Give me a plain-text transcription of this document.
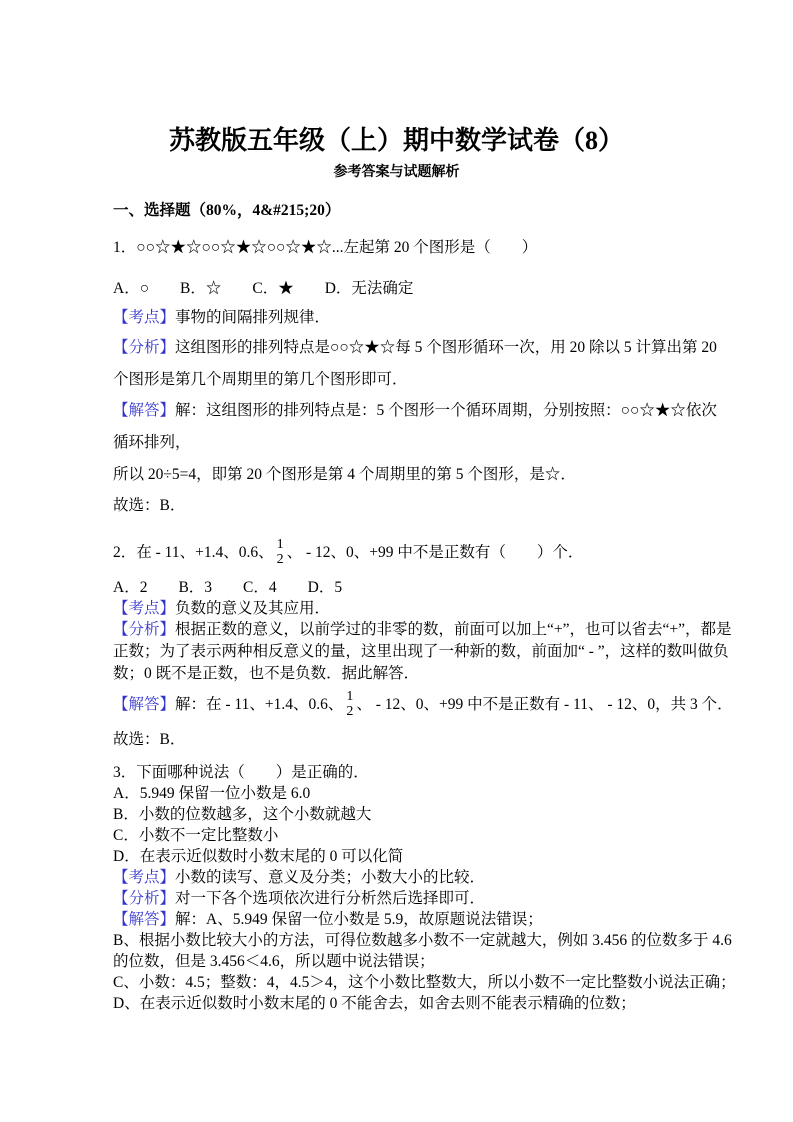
苏教版五年级（上）期中数学试卷（8）
参考答案与试题解析
一、选择题（80%，4&#215;20）
1．○○☆★☆○○☆★☆○○☆★☆...左起第 20 个图形是（　　）
A．○　　B．☆　　C．★　　D．无法确定
【考点】事物的间隔排列规律．
【分析】这组图形的排列特点是○○☆★☆每 5 个图形循环一次，用 20 除以 5 计算出第 20
个图形是第几个周期里的第几个图形即可．
【解答】解：这组图形的排列特点是：5 个图形一个循环周期，分别按照：○○☆★☆依次
循环排列，
所以 20÷5=4，即第 20 个图形是第 4 个周期里的第 5 个图形，是☆．
故选：B．
2．在 - 11、+1.4、0.6、 1
2 、 - 12、0、+99 中不是正数有（　　）个．
A．2　　B．3　　C．4　　D．5
【考点】负数的意义及其应用．
【分析】根据正数的意义，以前学过的非零的数，前面可以加上“+”，也可以省去“+”，都是
正数；为了表示两种相反意义的量，这里出现了一种新的数，前面加“ - ”，这样的数叫做负
数；0 既不是正数，也不是负数．据此解答．
【解答】 解：在 - 11、+1.4、0.6、 1
2 、 - 12、0、+99 中不是正数有 - 11、 - 12、0，共 3 个．
故选：B．
3．下面哪种说法（　　）是正确的．
A．5.949 保留一位小数是 6.0
B．小数的位数越多，这个小数就越大
C．小数不一定比整数小
D．在表示近似数时小数末尾的 0 可以化简
【考点】小数的读写、意义及分类；小数大小的比较．
【分析】对一下各个选项依次进行分析然后选择即可．
【解答】解：A、5.949 保留一位小数是 5.9，故原题说法错误；
B、根据小数比较大小的方法，可得位数越多小数不一定就越大，例如 3.456 的位数多于 4.6
的位数，但是 3.456＜4.6，所以题中说法错误；
C、小数：4.5；整数：4，4.5＞4，这个小数比整数大，所以小数不一定比整数小说法正确；
D、在表示近似数时小数末尾的 0 不能舍去，如舍去则不能表示精确的位数；
